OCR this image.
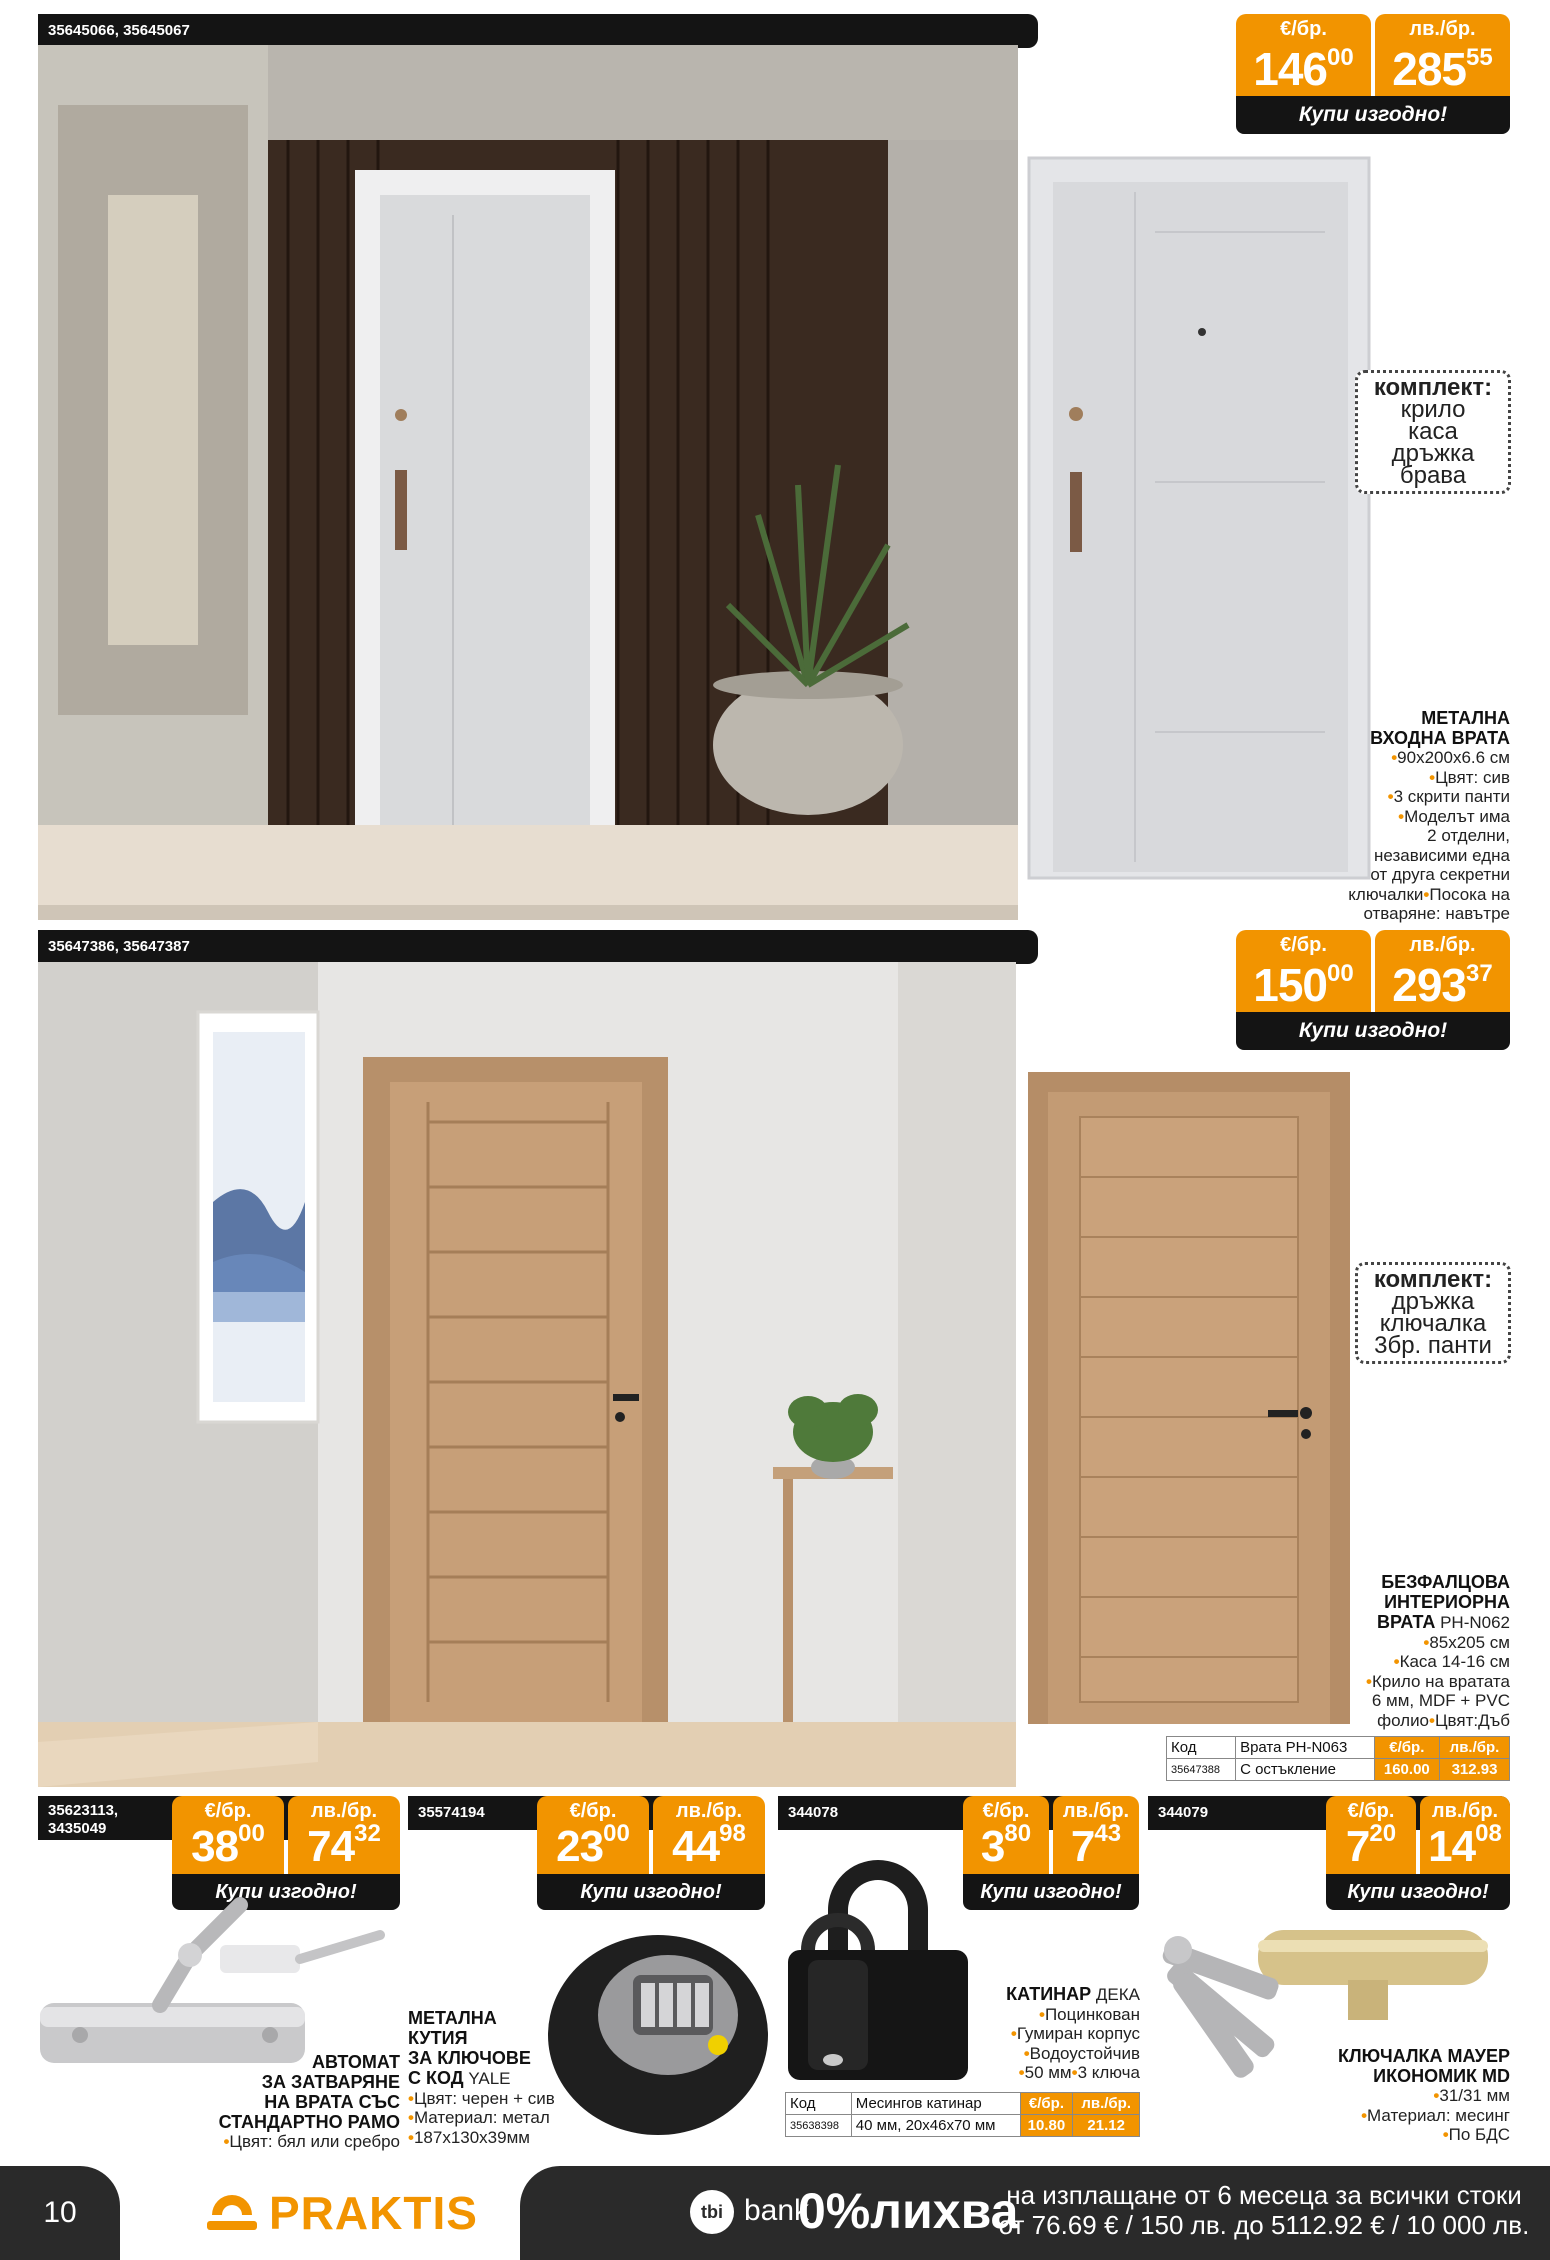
35645066, 35645067	€/бр.
$146^{00}$
лв./бр.
$285^{55}$
Купи изгодно!
комплект:
крило
каса
дръжка
брава
МЕТАЛНА
ВХОДНА ВРАТА
•90x200x6.6 см
•Цвят: сив
•3 скрити панти
•Моделът има
2 отделни,
независими една
от друга секретни
ключалки•Посока на
отваряне: навътре
35647386, 35647387	€/бр.
$150^{00}$
лв./бр.
$293^{37}$
Купи изгодно!
комплект:
дръжка
ключалка
3бр. панти
БЕЗФАЛЦОВА
ИНТЕРИОРНА
ВРАТА PH-N062
•85x205 см
•Каса 14-16 см
•Крило на вратата
6 мм, MDF + PVC
фолио•Цвят:Дъб
Код	Врата PH-N063	€/бр.	лв./бр.
35647388	С остъкление	160.00	312.93
35623113,
3435049
€/бр.
$38^{00}$
лв./бр.
$74^{32}$
Купи изгодно!
АВТОМАТ
ЗА ЗАТВАРЯНЕ
НА ВРАТА СЪС
СТАНДАРТНО РАМО
•Цвят: бял или сребро
35574194	€/бр.
$23^{00}$
лв./бр.
$44^{98}$
Купи изгодно!
МЕТАЛНА
КУТИЯ
ЗА КЛЮЧОВЕ
С КОД YALE
•Цвят: черен + сив
•Материал: метал
•187x130x39мм
344078	€/бр.
$3^{80}$
лв./бр.
$7^{43}$
Купи изгодно!
КАТИНАР ДЕКА
•Поцинкован
•Гумиран корпус
•Водоустойчив
•50 мм•3 ключа
Код	Месингов катинар	€/бр.	лв./бр.
35638398	40 мм, 20x46x70 мм	10.80	21.12
344079	€/бр.
$7^{20}$
лв./бр.
$14^{08}$
Купи изгодно!
КЛЮЧАЛКА МАУЕР
ИКОНОМИК MD
•31/31 мм
•Материал: месинг
•По БДС
10	PRAKTIS	tbi bank
0%лихва
на изплащане от 6 месеца за всички стоки
от 76.69 € / 150 лв. до 5112.92 € / 10 000 лв.
